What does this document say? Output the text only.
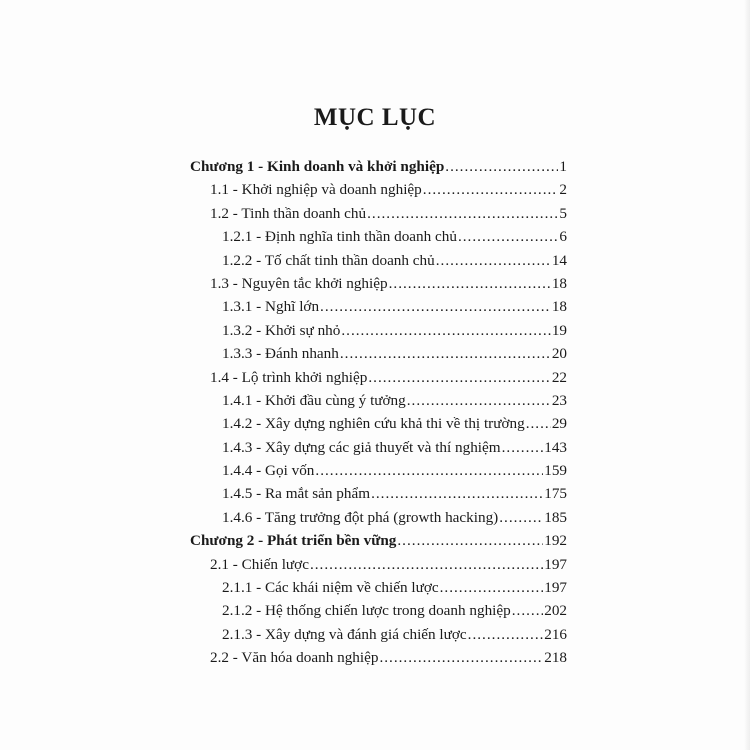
MỤC LỤC
Chương 1 - Kinh doanh và khởi nghiệp .....	1
1.1 - Khởi nghiệp và doanh nghiệp .....	2
1.2 - Tinh thần doanh chủ .....	5
1.2.1 - Định nghĩa tinh thần doanh chủ .....	6
1.2.2 - Tố chất tinh thần doanh chủ .....	14
1.3 - Nguyên tắc khởi nghiệp .....	18
1.3.1 - Nghĩ lớn .....	18
1.3.2 - Khởi sự nhỏ .....	19
1.3.3 - Đánh nhanh .....	20
1.4 - Lộ trình khởi nghiệp .....	22
1.4.1 - Khởi đầu cùng ý tưởng .....	23
1.4.2 - Xây dựng nghiên cứu khả thi về thị trường ..... 29
1.4.3 - Xây dựng các giả thuyết và thí nghiệm .....	143
1.4.4 - Gọi vốn .....	159
1.4.5 - Ra mắt sản phẩm .....	175
1.4.6 - Tăng trưởng đột phá (growth hacking) .....	185
Chương 2 - Phát triển bền vững .....	192
2.1 - Chiến lược .....	197
2.1.1 - Các khái niệm về chiến lược .....	197
2.1.2 - Hệ thống chiến lược trong doanh nghiệp ..... 202
2.1.3 - Xây dựng và đánh giá chiến lược .....	216
2.2 - Văn hóa doanh nghiệp .....	218
